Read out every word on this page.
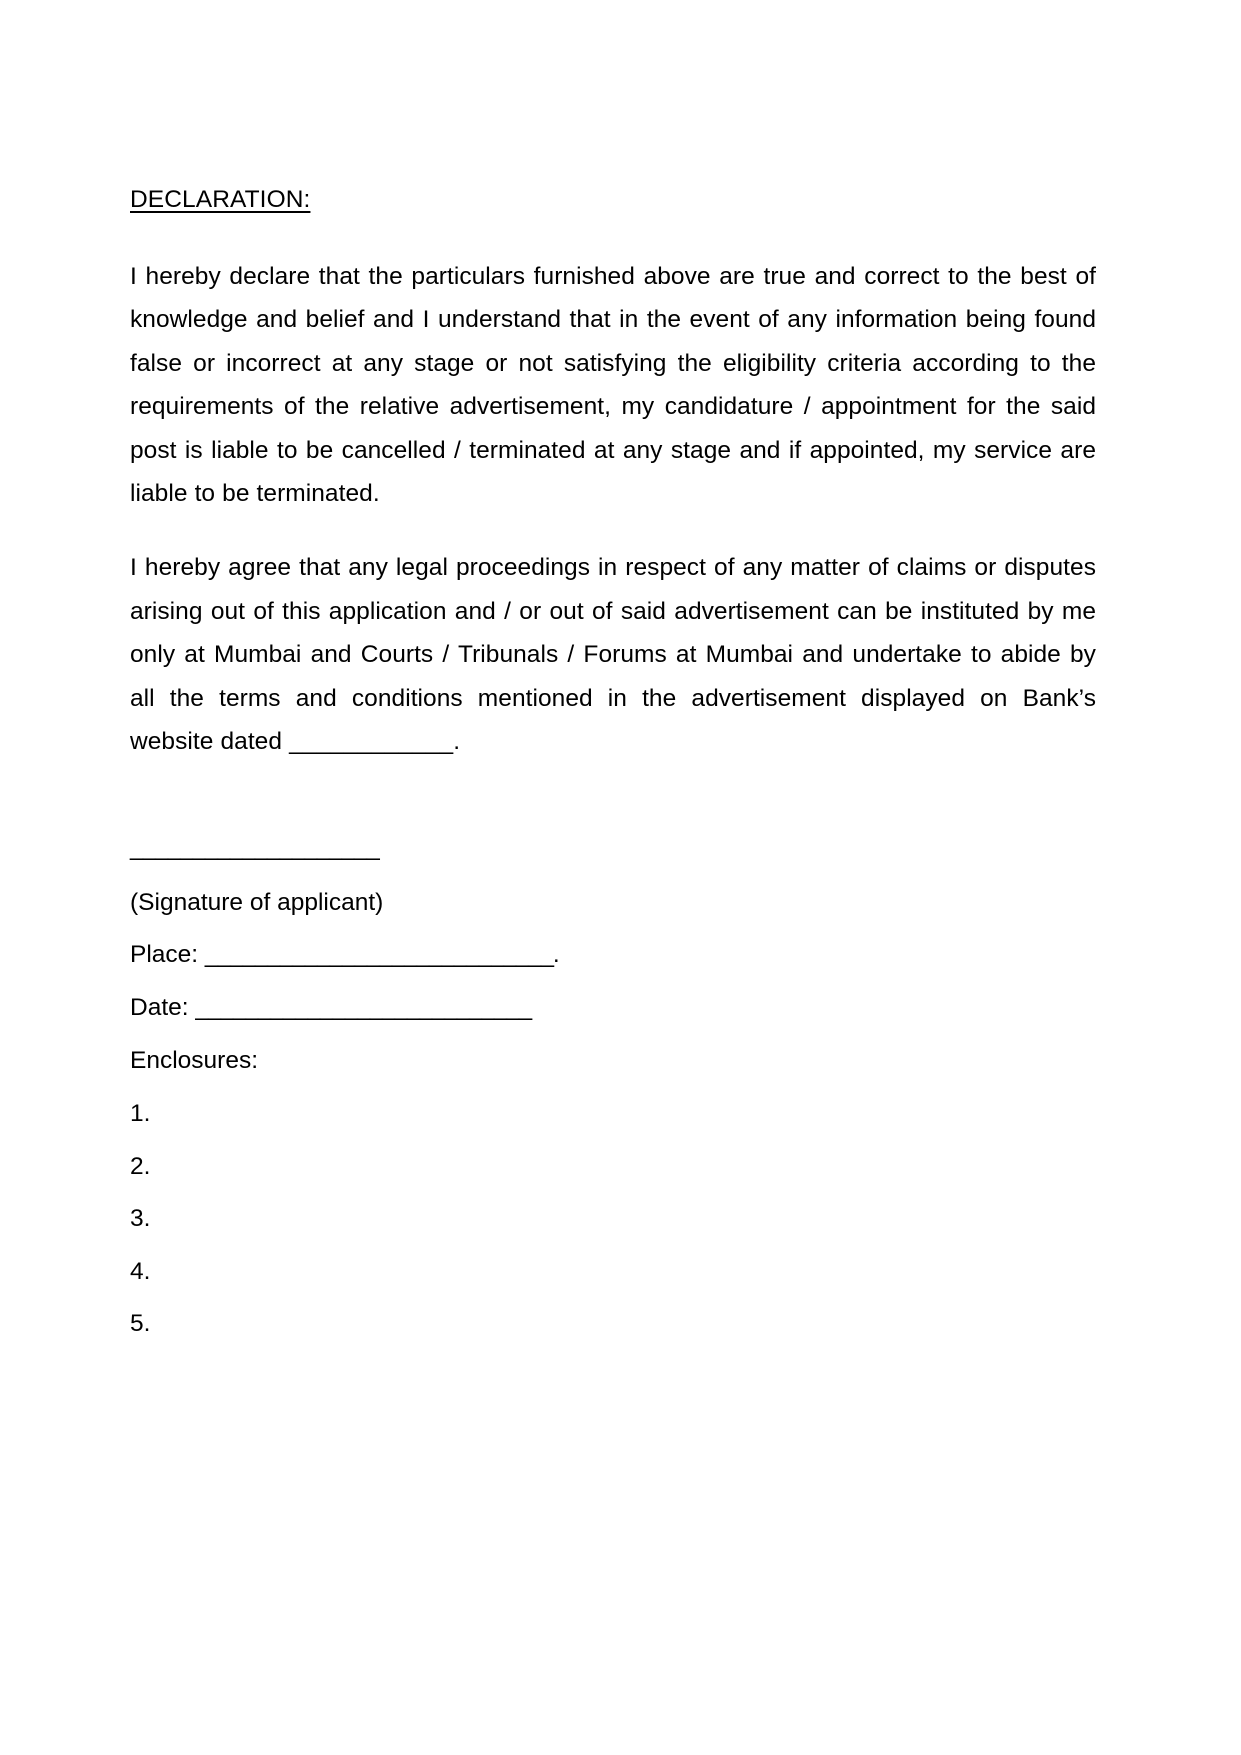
DECLARATION:

I hereby declare that the particulars furnished above are true and correct to the best of knowledge and belief and I understand that in the event of any information being found false or incorrect at any stage or not satisfying the eligibility criteria according to the requirements of the relative advertisement, my candidature / appointment for the said post is liable to be cancelled / terminated at any stage and if appointed, my service are liable to be terminated.

I hereby agree that any legal proceedings in respect of any matter of claims or disputes arising out of this application and / or out of said advertisement can be instituted by me only at Mumbai and Courts / Tribunals / Forums at Mumbai and undertake to abide by all the terms and conditions mentioned in the advertisement displayed on Bank’s website dated ____________.

____________________

(Signature of applicant)

Place: ____________________________.

Date: ___________________________

Enclosures:

1.
2.
3.
4.
5.
